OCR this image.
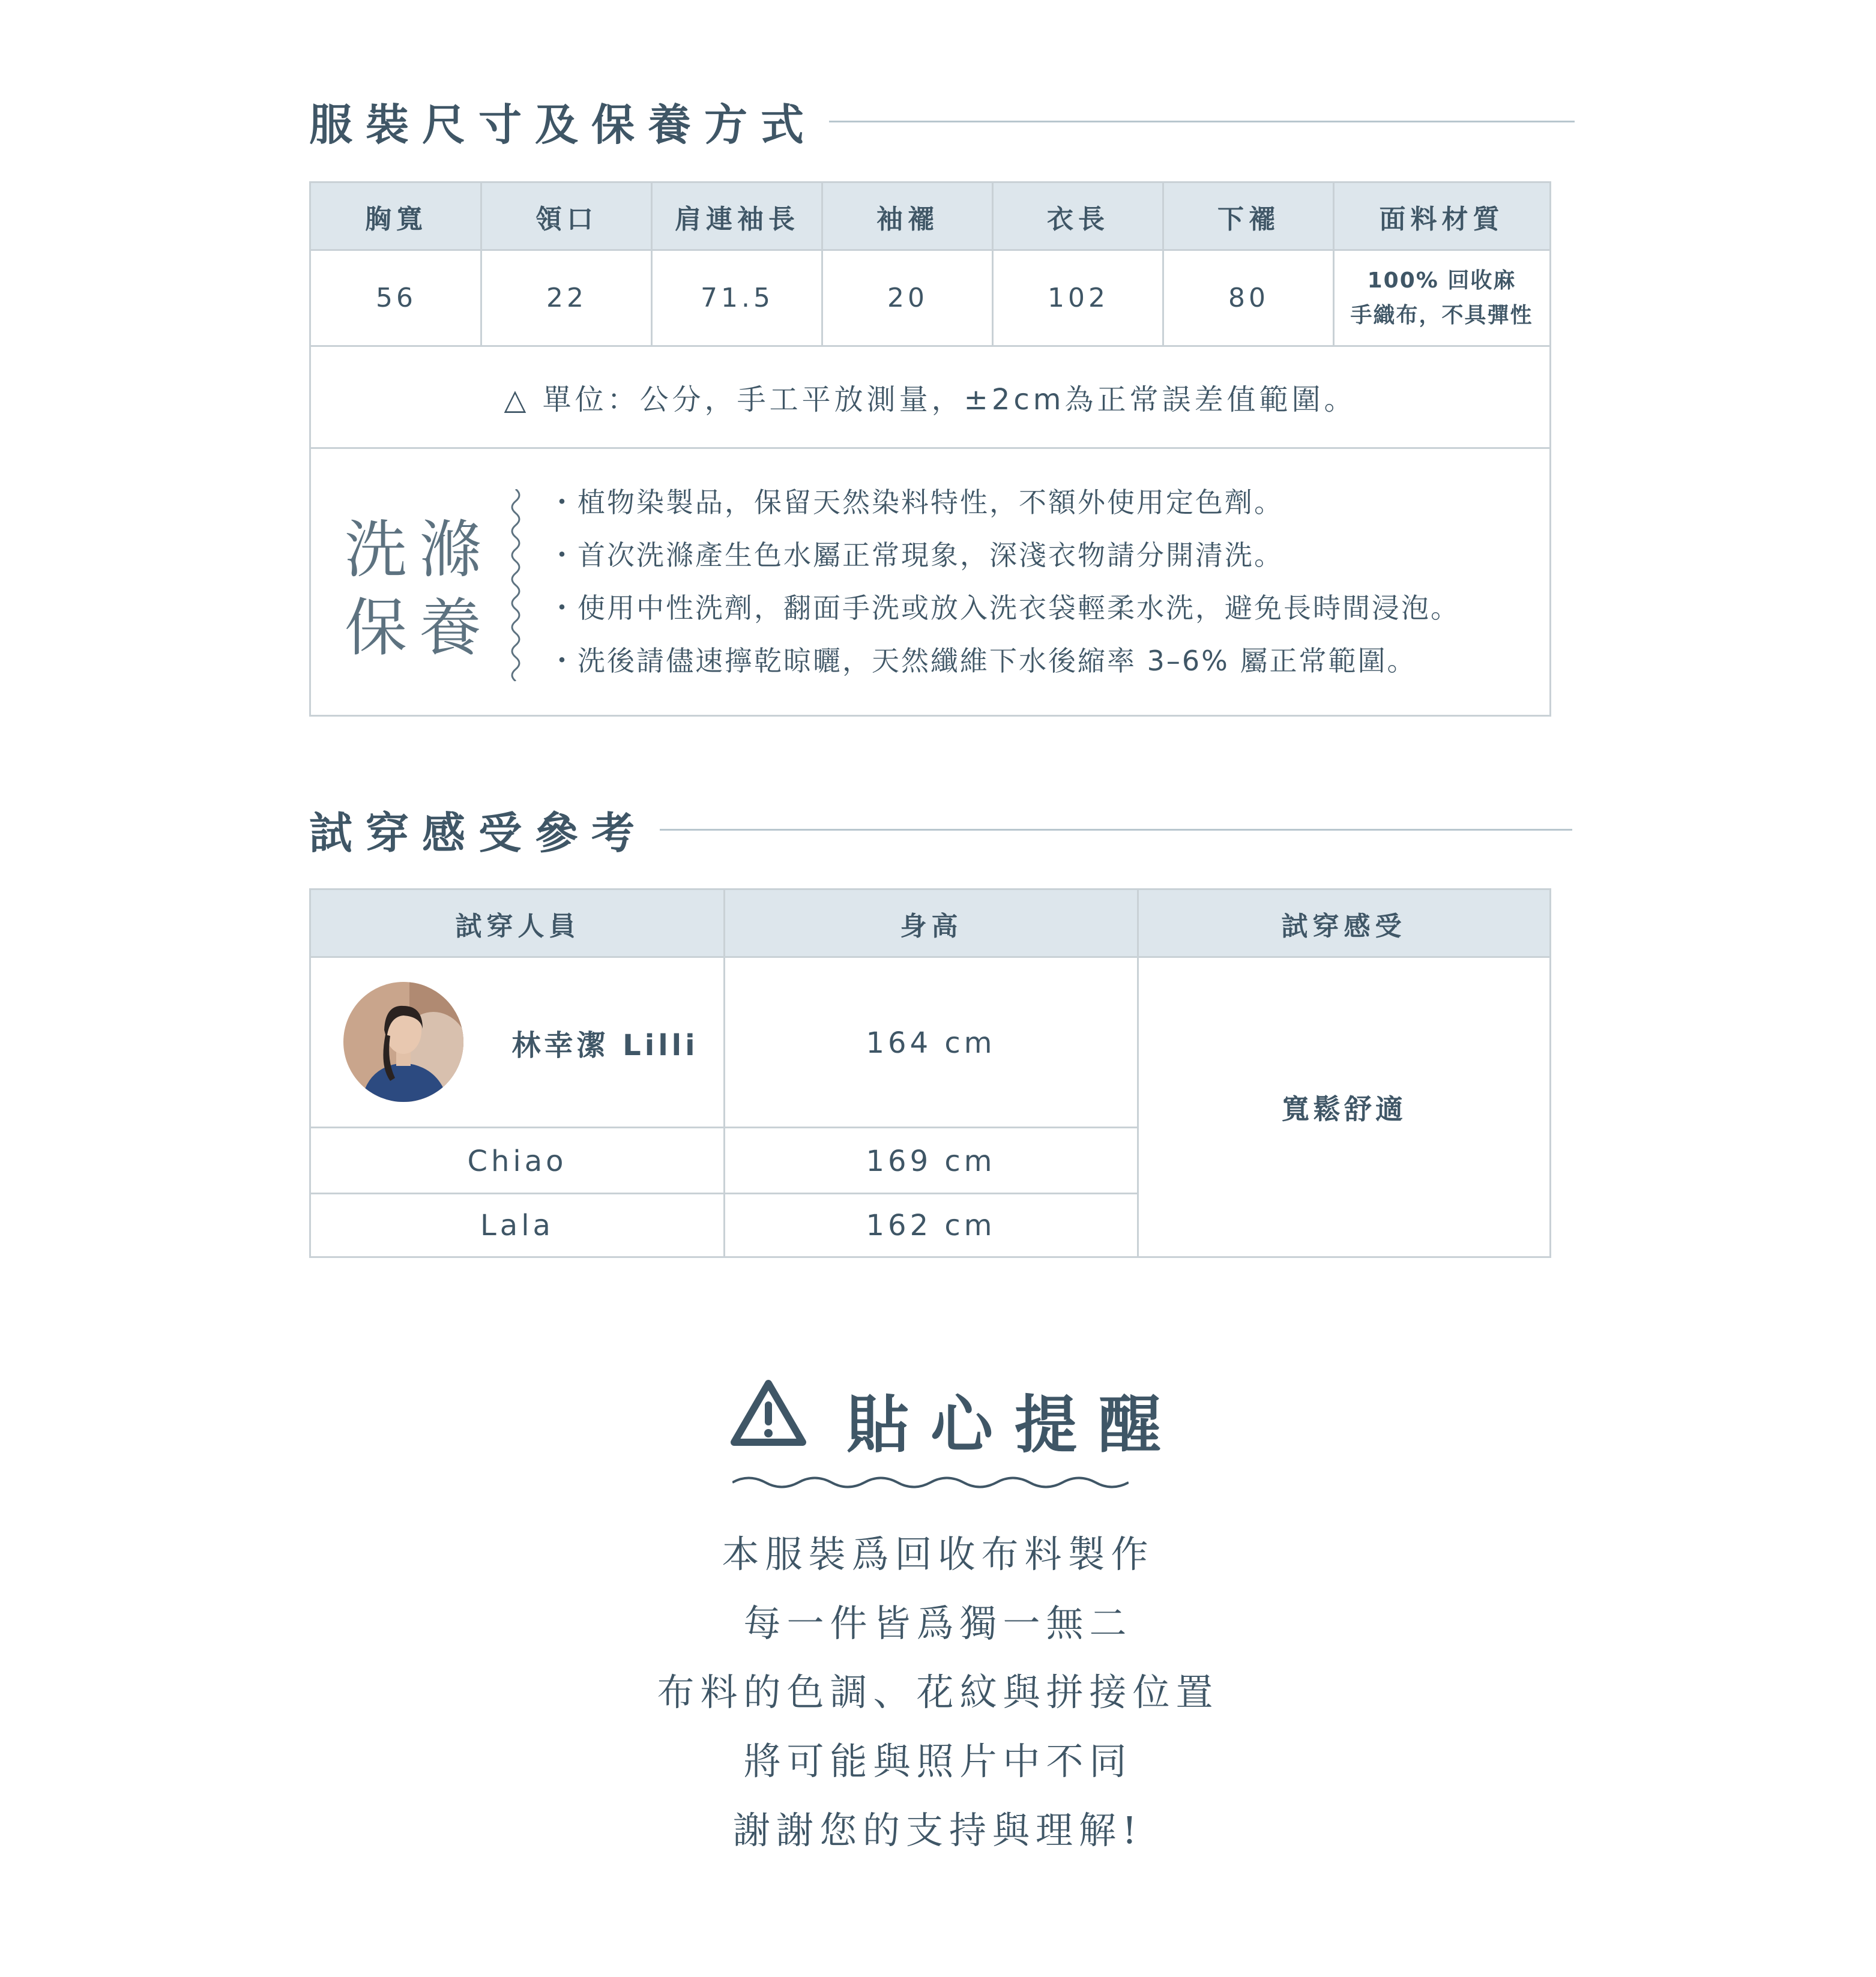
服裝尺寸及保養方式
胸寬	領口	肩連袖長	袖襬	衣長	下襬	面料材質
56	22	71.5	20	102	80
100% 回收麻
手織布，不具彈性
△ 單位：公分，手工平放測量，±2cm為正常誤差值範圍。
洗滌
保養
・植物染製品，保留天然染料特性，不額外使用定色劑。
・首次洗滌產生色水屬正常現象，深淺衣物請分開清洗。
・使用中性洗劑，翻面手洗或放入洗衣袋輕柔水洗，避免長時間浸泡。
・洗後請儘速擰乾晾曬，天然纖維下水後縮率 3–6% 屬正常範圍。
試穿感受參考
試穿人員	身高	試穿感受
林幸潔 Lilli	164 cm
Chiao	169 cm
Lala	162 cm
寬鬆舒適
貼心提醒
本服裝爲回收布料製作
每一件皆爲獨一無二
布料的色調、花紋與拼接位置
將可能與照片中不同
謝謝您的支持與理解!
